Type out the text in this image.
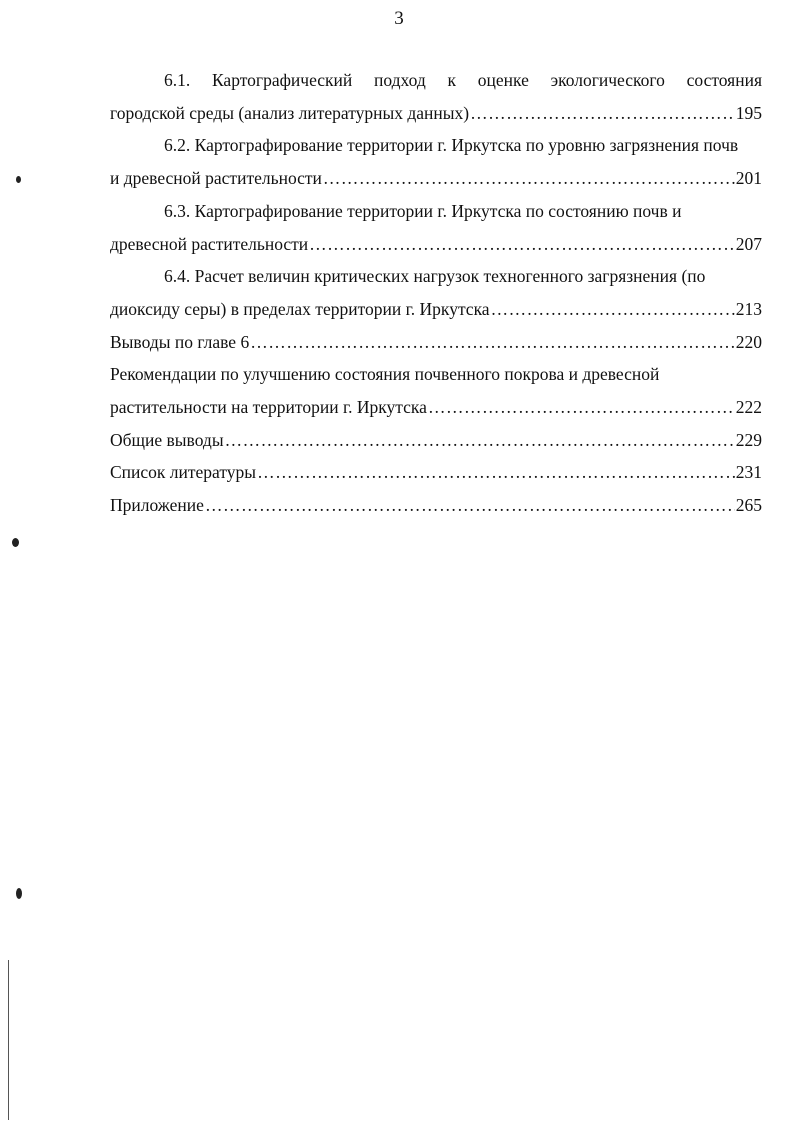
3
6.1. Картографический подход к оценке экологического состояния
городской среды (анализ литературных данных) …………………………………………………………………………………………………………………………………………………	195
6.2. Картографирование территории г. Иркутска по уровню загрязнения почв
и древесной растительности …………………………………………………………………………………………………………………………………………………	201
6.3. Картографирование территории г. Иркутска по состоянию почв и
древесной растительности …………………………………………………………………………………………………………………………………………………	207
6.4. Расчет величин критических нагрузок техногенного загрязнения (по
диоксиду серы) в пределах территории г. Иркутска …………………………………………………………………………………………………………………………………………………	213
Выводы по главе 6 …………………………………………………………………………………………………………………………………………………	220
Рекомендации по улучшению состояния почвенного покрова и древесной
растительности на территории г. Иркутска …………………………………………………………………………………………………………………………………………………	222
Общие выводы …………………………………………………………………………………………………………………………………………………	229
Список литературы …………………………………………………………………………………………………………………………………………………	231
Приложение …………………………………………………………………………………………………………………………………………………	265
